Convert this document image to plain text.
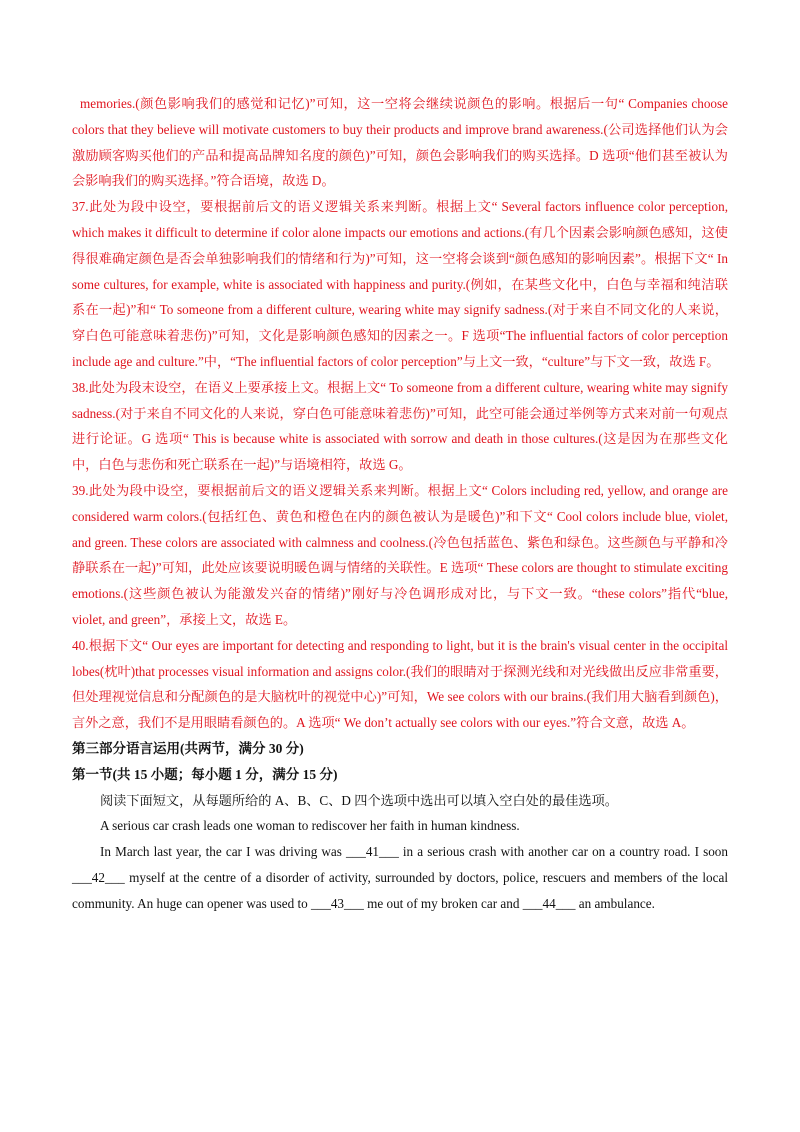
memories.(颜色影响我们的感觉和记忆)”可知，这一空将会继续说颜色的影响。根据后一句“ Companies choose colors that they believe will motivate customers to buy their products and improve brand awareness.(公司选择他们认为会激励顾客购买他们的产品和提高品牌知名度的颜色)”可知，颜色会影响我们的购买选择。D 选项“他们甚至被认为会影响我们的购买选择。”符合语境，故选 D。

37.此处为段中设空，要根据前后文的语义逻辑关系来判断。根据上文“ Several factors influence color perception, which makes it difficult to determine if color alone impacts our emotions and actions.(有几个因素会影响颜色感知，这使得很难确定颜色是否会单独影响我们的情绪和行为)”可知，这一空将会谈到“颜色感知的影响因素”。根据下文“ In some cultures, for example, white is associated with happiness and purity.(例如，在某些文化中，白色与幸福和纯洁联系在一起)”和“ To someone from a different culture, wearing white may signify sadness.(对于来自不同文化的人来说，穿白色可能意味着悲伤)”可知，文化是影响颜色感知的因素之一。F 选项“The influential factors of color perception include age and culture.”中，“The influential factors of color perception”与上文一致，“culture”与下文一致，故选 F。

38.此处为段末设空，在语义上要承接上文。根据上文“ To someone from a different culture, wearing white may signify sadness.(对于来自不同文化的人来说，穿白色可能意味着悲伤)”可知，此空可能会通过举例等方式来对前一句观点进行论证。G 选项“ This is because white is associated with sorrow and death in those cultures.(这是因为在那些文化中，白色与悲伤和死亡联系在一起)”与语境相符，故选 G。

39.此处为段中设空，要根据前后文的语义逻辑关系来判断。根据上文“ Colors including red, yellow, and orange are considered warm colors.(包括红色、黄色和橙色在内的颜色被认为是暖色)”和下文“ Cool colors include blue, violet, and green. These colors are associated with calmness and coolness.(冷色包括蓝色、紫色和绿色。这些颜色与平静和冷静联系在一起)”可知，此处应该要说明暖色调与情绪的关联性。E 选项“ These colors are thought to stimulate exciting emotions.(这些颜色被认为能激发兴奋的情绪)”刚好与冷色调形成对比，与下文一致。“these colors”指代“blue, violet, and green”，承接上文，故选 E。

40.根据下文“ Our eyes are important for detecting and responding to light, but it is the brain's visual center in the occipital lobes(枕叶)that processes visual information and assigns color.(我们的眼睛对于探测光线和对光线做出反应非常重要，但处理视觉信息和分配颜色的是大脑枕叶的视觉中心)”可知，We see colors with our brains.(我们用大脑看到颜色)，言外之意，我们不是用眼睛看颜色的。A 选项“ We don’t actually see colors with our eyes.”符合文意，故选 A。

第三部分语言运用(共两节，满分 30 分)

第一节(共 15 小题；每小题 1 分，满分 15 分)

阅读下面短文，从每题所给的 A、B、C、D 四个选项中选出可以填入空白处的最佳选项。

A serious car crash leads one woman to rediscover her faith in human kindness.

In March last year, the car I was driving was ___41___ in a serious crash with another car on a country road. I soon ___42___ myself at the centre of a disorder of activity, surrounded by doctors, police, rescuers and members of the local community. An huge can opener was used to ___43___ me out of my broken car and ___44___ an ambulance.
